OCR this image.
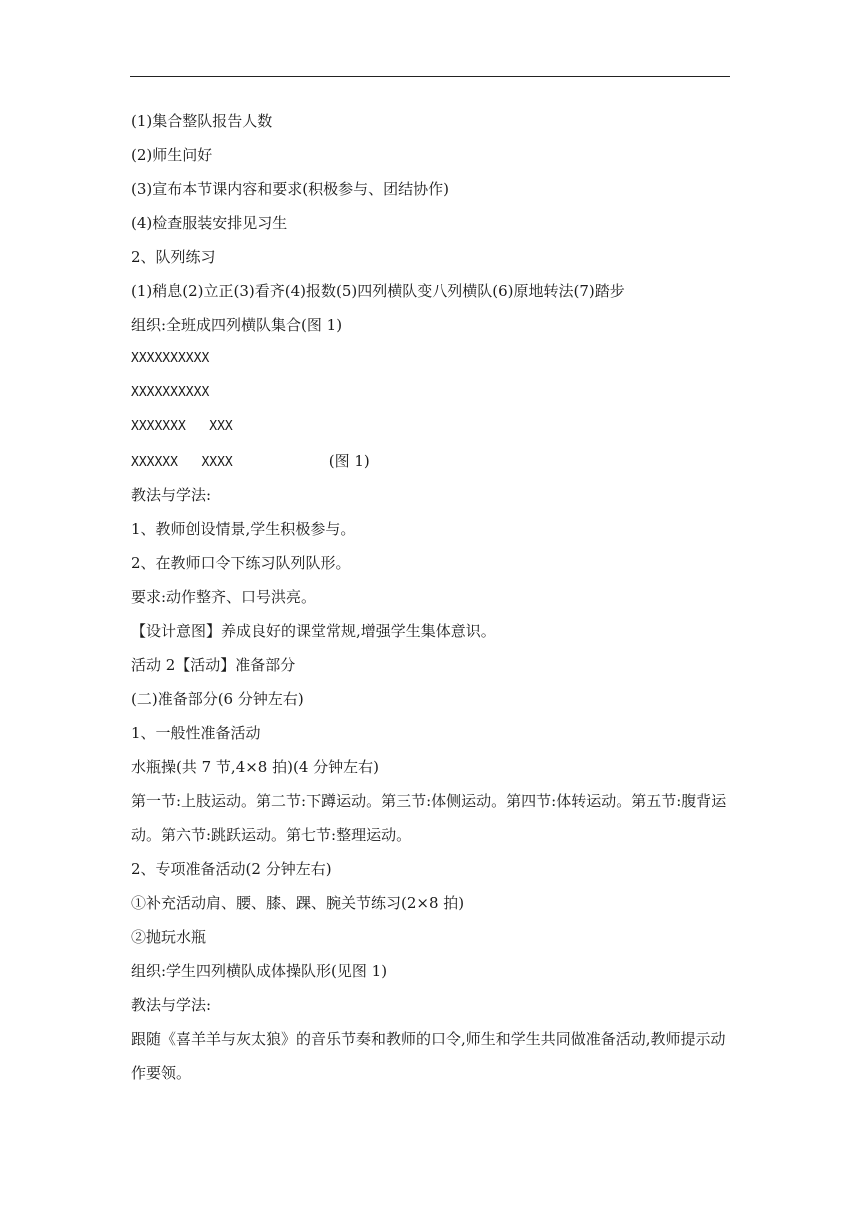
(1)集合整队报告人数
(2)师生问好
(3)宣布本节课内容和要求(积极参与、团结协作)
(4)检查服装安排见习生
2、队列练习
(1)稍息(2)立正(3)看齐(4)报数(5)四列横队变八列横队(6)原地转法(7)踏步
组织:全班成四列横队集合(图 1)
XXXXXXXXXX
XXXXXXXXXX
XXXXXXX   XXX
XXXXXX   XXXX	(图 1)
教法与学法:
1、教师创设情景,学生积极参与。
2、在教师口令下练习队列队形。
要求:动作整齐、口号洪亮。
【设计意图】养成良好的课堂常规,增强学生集体意识。
活动 2【活动】准备部分
(二)准备部分(6 分钟左右)
1、一般性准备活动
水瓶操(共 7 节,4×8 拍)(4 分钟左右)
第一节:上肢运动。第二节:下蹲运动。第三节:体侧运动。第四节:体转运动。第五节:腹背运动。第六节:跳跃运动。第七节:整理运动。
2、专项准备活动(2 分钟左右)
①补充活动肩、腰、膝、踝、腕关节练习(2×8 拍)
②抛玩水瓶
组织:学生四列横队成体操队形(见图 1)
教法与学法:
跟随《喜羊羊与灰太狼》的音乐节奏和教师的口令,师生和学生共同做准备活动,教师提示动作要领。
